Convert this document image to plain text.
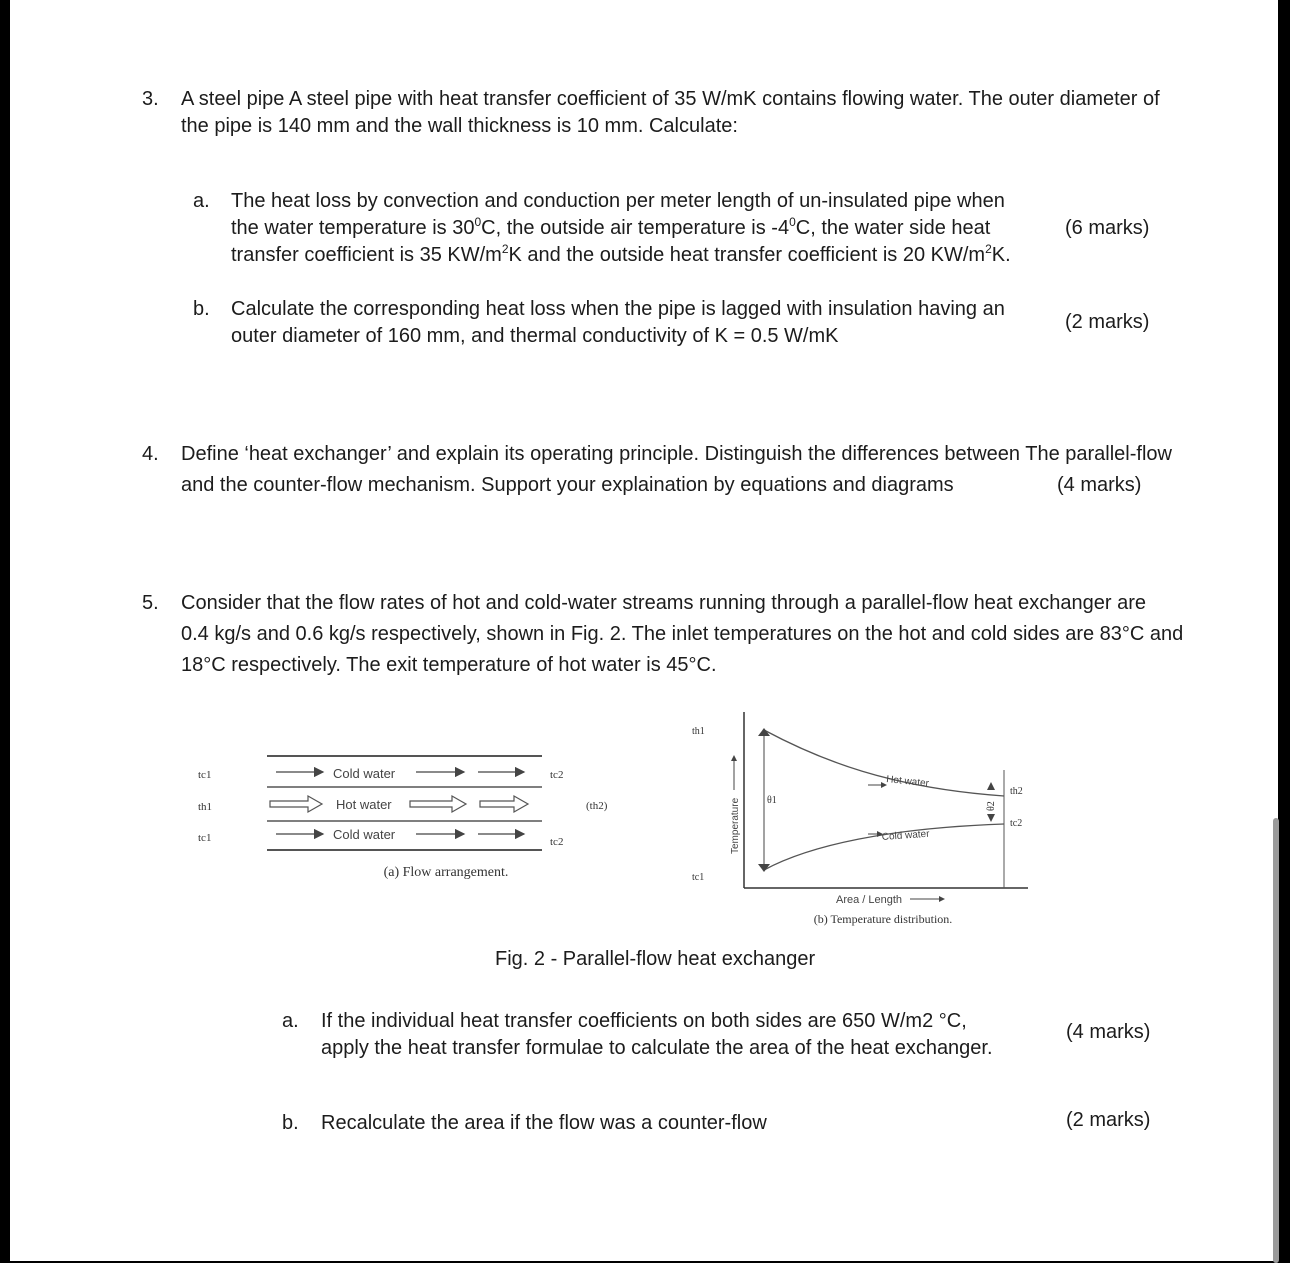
3. A steel pipe A steel pipe with heat transfer coefficient of 35 W/mK contains flowing water. The outer diameter of
the pipe is 140 mm and the wall thickness is 10 mm. Calculate:
a. The heat loss by convection and conduction per meter length of un-insulated pipe when
the water temperature is $30^0C$, the outside air temperature is $-4^0C$, the water side heat
transfer coefficient is 35 $KW/m^2K$ and the outside heat transfer coefficient is 20 $KW/m^2K$.
(6 marks)
b. Calculate the corresponding heat loss when the pipe is lagged with insulation having an
outer diameter of 160 mm, and thermal conductivity of K = 0.5 W/mK
(2 marks)
4. Define ‘heat exchanger’ and explain its operating principle. Distinguish the differences between The parallel-flow
and the counter-flow mechanism. Support your explaination by equations and diagrams	(4 marks)
5. Consider that the flow rates of hot and cold-water streams running through a parallel-flow heat exchanger are
0.4 kg/s and 0.6 kg/s respectively, shown in Fig. 2. The inlet temperatures on the hot and cold sides are 83°C and
18°C respectively. The exit temperature of hot water is 45°C.
Cold water
Hot water
Cold water
tc1
th1
tc1
tc2
(th2)
tc2
(a) Flow arrangement.
θ1
θ2
Hot water
Cold water
Temperature
th1
tc1
th2
tc2
Area / Length
(b) Temperature distribution.
Fig. 2 - Parallel-flow heat exchanger
a. If the individual heat transfer coefficients on both sides are 650 W/m2 °C,
apply the heat transfer formulae to calculate the area of the heat exchanger.
(4 marks)
b. Recalculate the area if the flow was a counter-flow	(2 marks)
